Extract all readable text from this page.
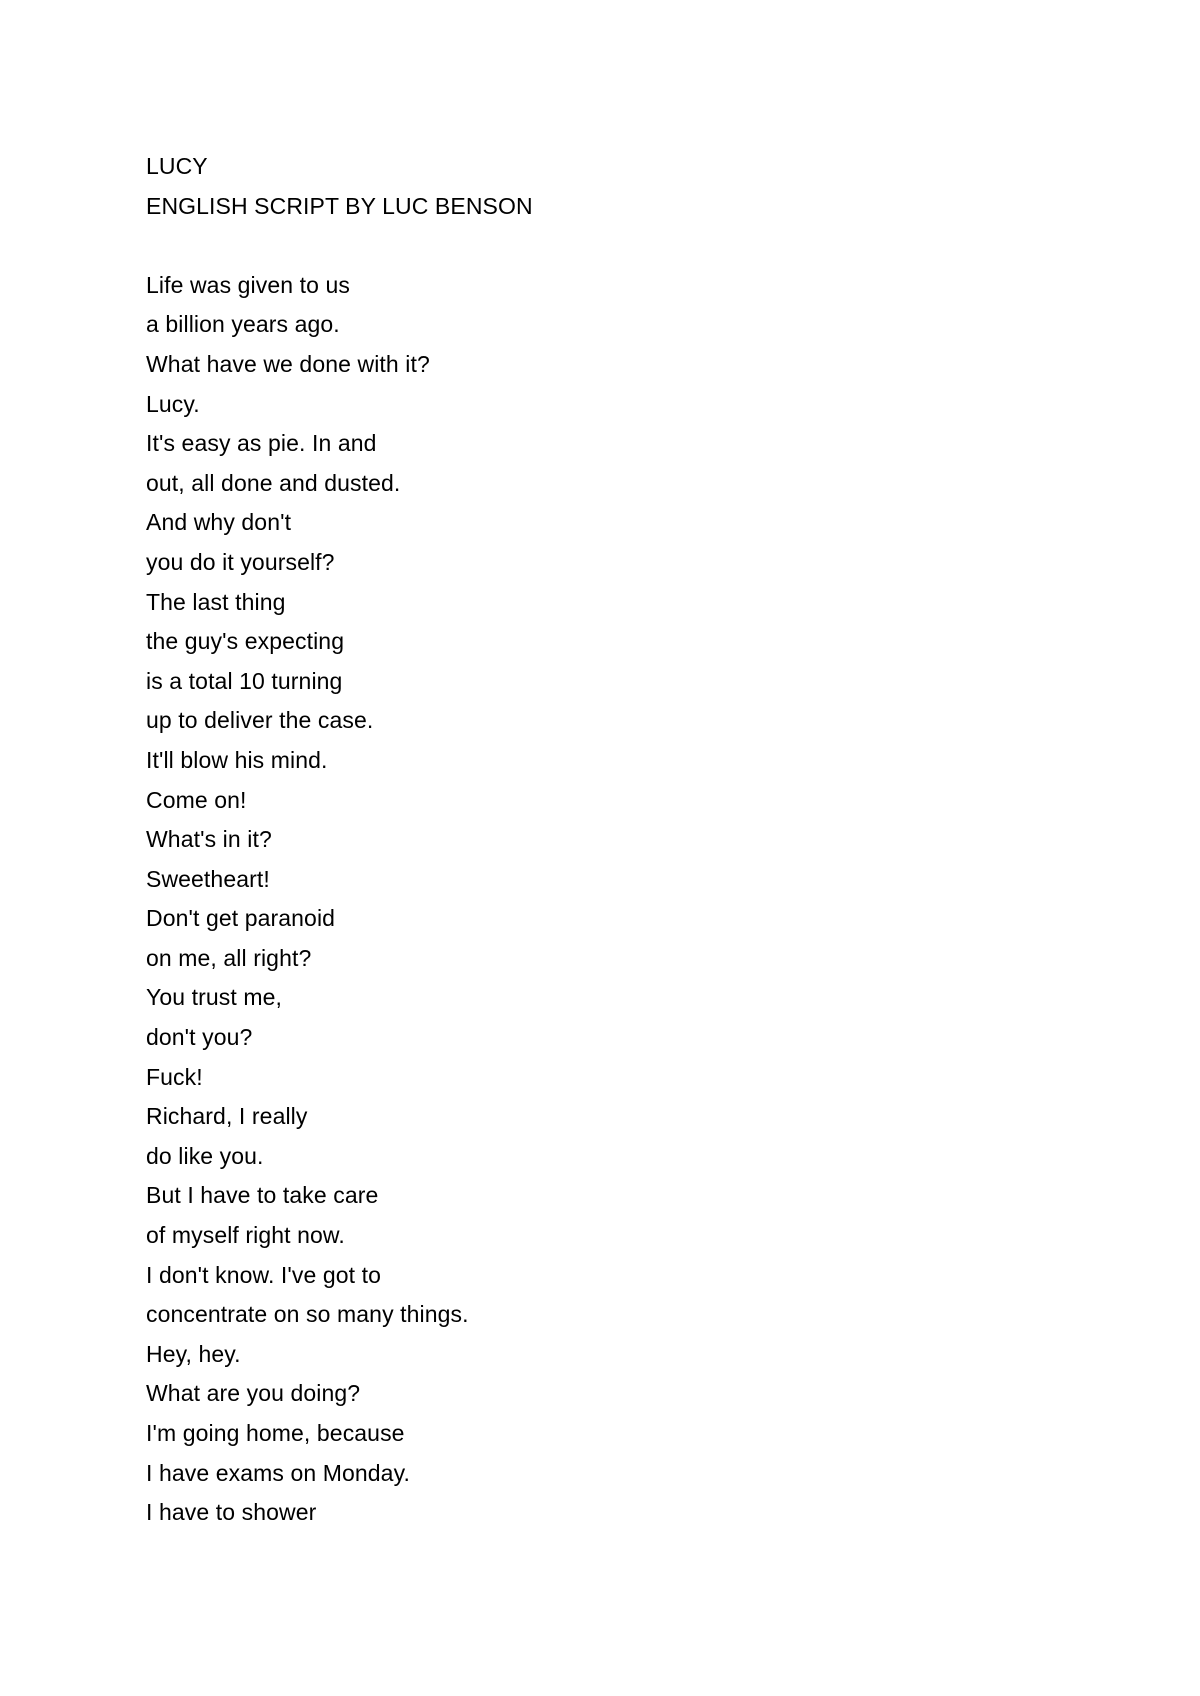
LUCY
ENGLISH SCRIPT BY LUC BENSON
Life was given to us
a billion years ago.
What have we done with it?
Lucy.
It's easy as pie. In and
out, all done and dusted.
And why don't
you do it yourself?
The last thing
the guy's expecting
is a total 10 turning
up to deliver the case.
It'll blow his mind.
Come on!
What's in it?
Sweetheart!
Don't get paranoid
on me, all right?
You trust me,
don't you?
Fuck!
Richard, I really
do like you.
But I have to take care
of myself right now.
I don't know. I've got to
concentrate on so many things.
Hey, hey.
What are you doing?
I'm going home, because
I have exams on Monday.
I have to shower
